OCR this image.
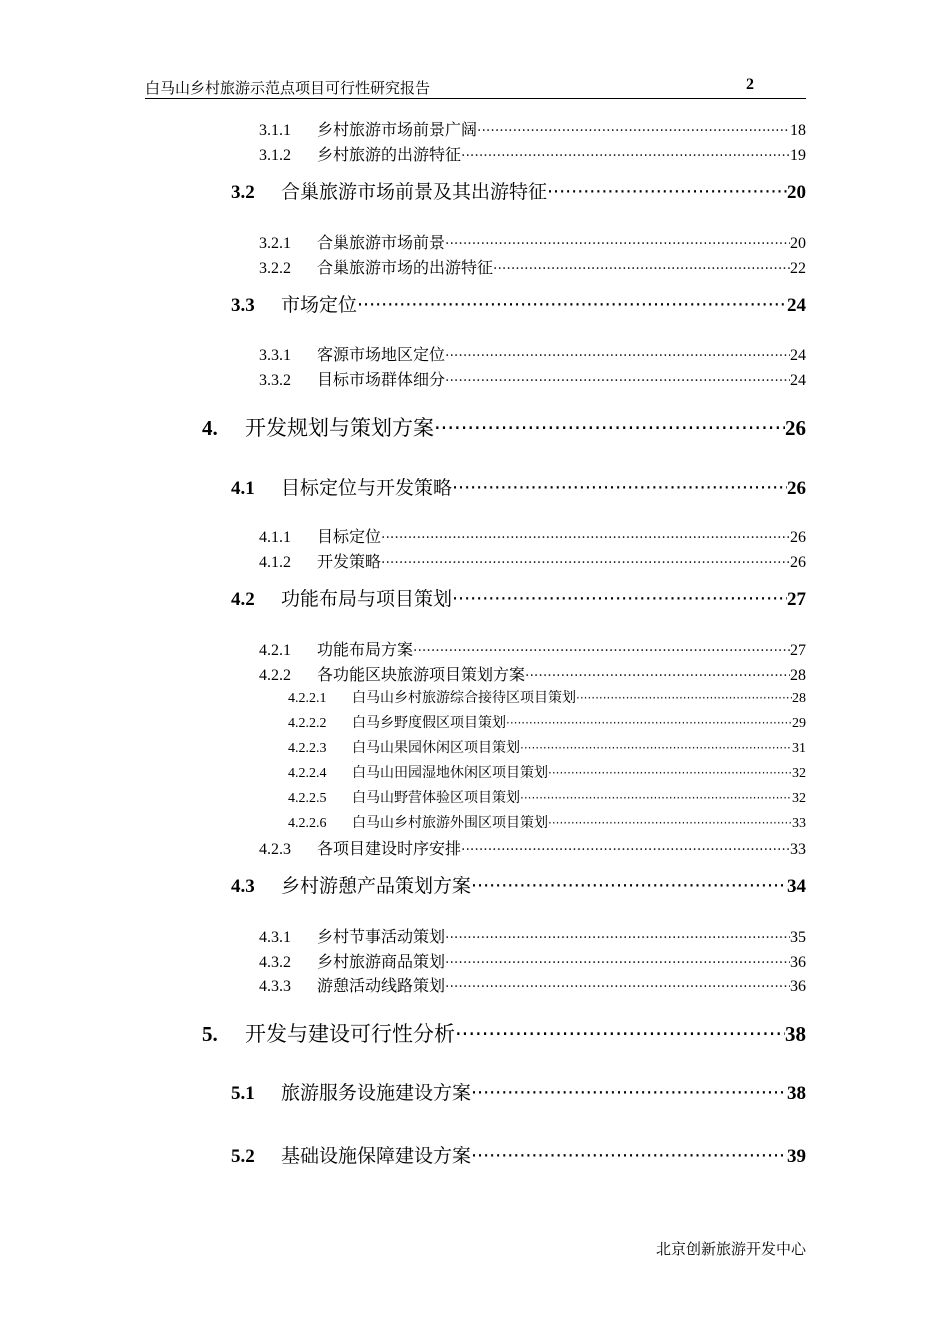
白马山乡村旅游示范点项目可行性研究报告	2
3.1.1	乡村旅游市场前景广阔 ·····	18
3.1.2	乡村旅游的出游特征 ·····	19
3.2	合巢旅游市场前景及其出游特征 ·····	20
3.2.1	合巢旅游市场前景 ·····	20
3.2.2	合巢旅游市场的出游特征 ·····	22
3.3	市场定位 ·····	24
3.3.1	客源市场地区定位 ·····	24
3.3.2	目标市场群体细分 ·····	24
4.	开发规划与策划方案 ·····	26
4.1	目标定位与开发策略 ·····	26
4.1.1	目标定位 ·····	26
4.1.2	开发策略 ·····	26
4.2	功能布局与项目策划 ·····	27
4.2.1	功能布局方案 ·····	27
4.2.2	各功能区块旅游项目策划方案 ·····	28
4.2.2.1	白马山乡村旅游综合接待区项目策划 ·····	28
4.2.2.2	白马乡野度假区项目策划 ·····	29
4.2.2.3	白马山果园休闲区项目策划 ·····	31
4.2.2.4	白马山田园湿地休闲区项目策划 ·····	32
4.2.2.5	白马山野营体验区项目策划 ·····	32
4.2.2.6	白马山乡村旅游外围区项目策划 ·····	33
4.2.3	各项目建设时序安排 ·····	33
4.3	乡村游憩产品策划方案 ·····	34
4.3.1	乡村节事活动策划 ·····	35
4.3.2	乡村旅游商品策划 ·····	36
4.3.3	游憩活动线路策划 ·····	36
5.	开发与建设可行性分析 ·····	38
5.1	旅游服务设施建设方案 ·····	38
5.2	基础设施保障建设方案 ·····	39
北京创新旅游开发中心
